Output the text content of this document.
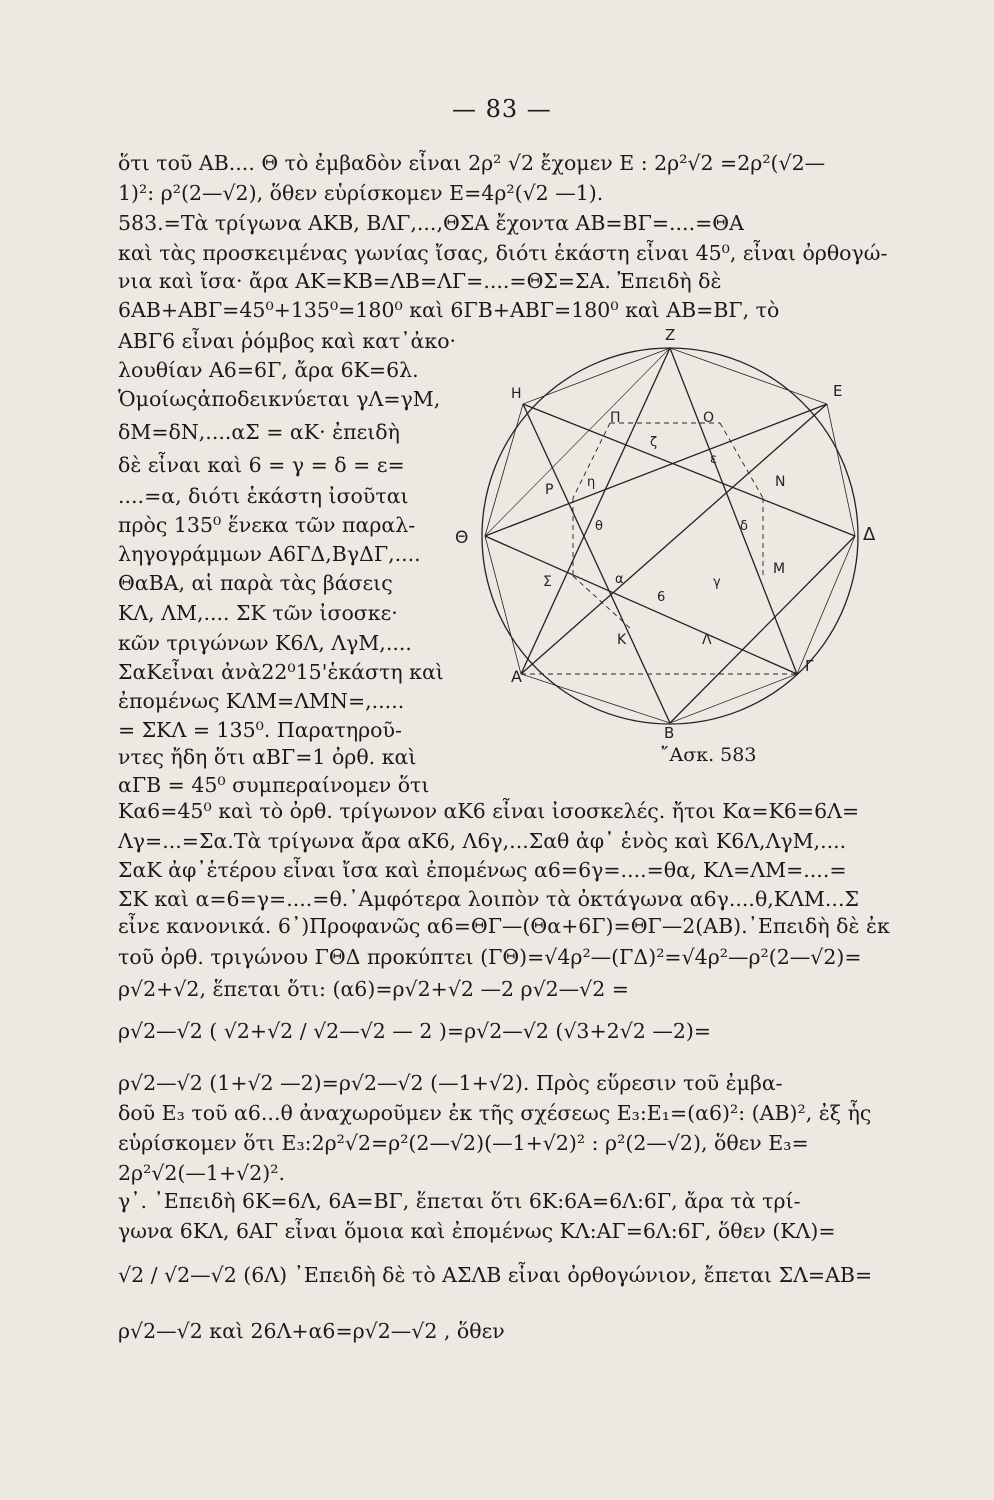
— 83 —
ὅτι τοῦ ΑΒ.... Θ τὸ ἐμβαδὸν εἶναι 2ρ² √2 ἔχομεν Ε : 2ρ²√2 =2ρ²(√2—
1)²: ρ²(2—√2), ὅθεν εὑρίσκομεν Ε=4ρ²(√2 —1).
583.=Τὰ τρίγωνα ΑΚΒ, ΒΛΓ,...,ΘΣΑ ἔχοντα ΑΒ=ΒΓ=....=ΘΑ
καὶ τὰς προσκειμένας γωνίας ἴσας, διότι ἑκάστη εἶναι 45⁰, εἶναι ὀρθογώ-
νια καὶ ἴσα· ἄρα ΑΚ=ΚΒ=ΛΒ=ΛΓ=....=ΘΣ=ΣΑ. Ἐπειδὴ δὲ
6ΑΒ+ΑΒΓ=45⁰+135⁰=180⁰ καὶ 6ΓΒ+ΑΒΓ=180⁰ καὶ ΑΒ=ΒΓ, τὸ
ΑΒΓ6 εἶναι ῥόμβος καὶ κατ᾽ἀκο·
λουθίαν Α6=6Γ, ἄρα 6Κ=6λ.
Ὁμοίωςἀποδεικνύεται γΛ=γΜ,
δΜ=δΝ,....αΣ = αΚ· ἐπειδὴ
δὲ εἶναι καὶ 6 = γ = δ = ε=
....=α, διότι ἑκάστη ἰσοῦται
πρὸς 135⁰ ἕνεκα τῶν παραλ-
ληγογράμμων Α6ΓΔ,ΒγΔΓ,....
ΘαΒΑ, αἱ παρὰ τὰς βάσεις
ΚΛ, ΛΜ,.... ΣΚ τῶν ἰσοσκε·
κῶν τριγώνων Κ6Λ, ΛγΜ,....
ΣαΚεἶναι ἀνὰ22⁰15'ἑκάστη καὶ
ἐπομένως ΚΛΜ=ΛΜΝ=,.....
= ΣΚΛ = 135⁰. Παρατηροῦ-
ντες ἤδη ὅτι αΒΓ=1 ὀρθ. καὶ
αΓΒ = 45⁰ συμπεραίνομεν ὅτι
Ζ
Ε
Δ
Γ
Β
Α
Θ
Η
Π	Ο
Ρ	Ν
Σ
Μ
Κ	Λ
ζ
η
ε
θ	δ
α	γ
6
῎Ασκ. 583
Κα6=45⁰ καὶ τὸ ὀρθ. τρίγωνον αΚ6 εἶναι ἰσοσκελές. ἤτοι Κα=Κ6=6Λ=
Λγ=...=Σα.Τὰ τρίγωνα ἄρα αΚ6, Λ6γ,...Σαθ ἀφ᾽ ἑνὸς καὶ Κ6Λ,ΛγΜ,....
ΣαΚ ἀφ᾽ἑτέρου εἶναι ἴσα καὶ ἐπομένως α6=6γ=....=θα, ΚΛ=ΛΜ=....=
ΣΚ καὶ α=6=γ=....=θ.᾽Αμφότερα λοιπὸν τὰ ὀκτάγωνα α6γ....θ,ΚΛΜ...Σ
εἶνε κανονικά. 6᾽)Προφανῶς α6=ΘΓ—(Θα+6Γ)=ΘΓ—2(ΑΒ).᾽Επειδὴ δὲ ἐκ
τοῦ ὀρθ. τριγώνου ΓΘΔ προκύπτει (ΓΘ)=√4ρ²—(ΓΔ)²=√4ρ²—ρ²(2—√2)=
ρ√2+√2, ἕπεται ὅτι: (α6)=ρ√2+√2 —2 ρ√2—√2 =
ρ√2—√2 ( √2+√2 / √2—√2 — 2 )=ρ√2—√2 (√3+2√2 —2)=
ρ√2—√2 (1+√2 —2)=ρ√2—√2 (—1+√2). Πρὸς εὕρεσιν τοῦ ἐμβα-
δοῦ Ε₃ τοῦ α6...θ ἀναχωροῦμεν ἐκ τῆς σχέσεως Ε₃:Ε₁=(α6)²: (ΑΒ)², ἐξ ἧς
εὑρίσκομεν ὅτι Ε₃:2ρ²√2=ρ²(2—√2)(—1+√2)² : ρ²(2—√2), ὅθεν Ε₃=
2ρ²√2(—1+√2)².
γ᾽. ᾽Επειδὴ 6Κ=6Λ, 6Α=ΒΓ, ἕπεται ὅτι 6Κ:6Α=6Λ:6Γ, ἄρα τὰ τρί-
γωνα 6ΚΛ, 6ΑΓ εἶναι ὅμοια καὶ ἐπομένως ΚΛ:ΑΓ=6Λ:6Γ, ὅθεν (ΚΛ)=
√2 / √2—√2 (6Λ) ᾽Επειδὴ δὲ τὸ ΑΣΛΒ εἶναι ὀρθογώνιον, ἔπεται ΣΛ=ΑΒ=
ρ√2—√2 καὶ 26Λ+α6=ρ√2—√2 , ὅθεν
